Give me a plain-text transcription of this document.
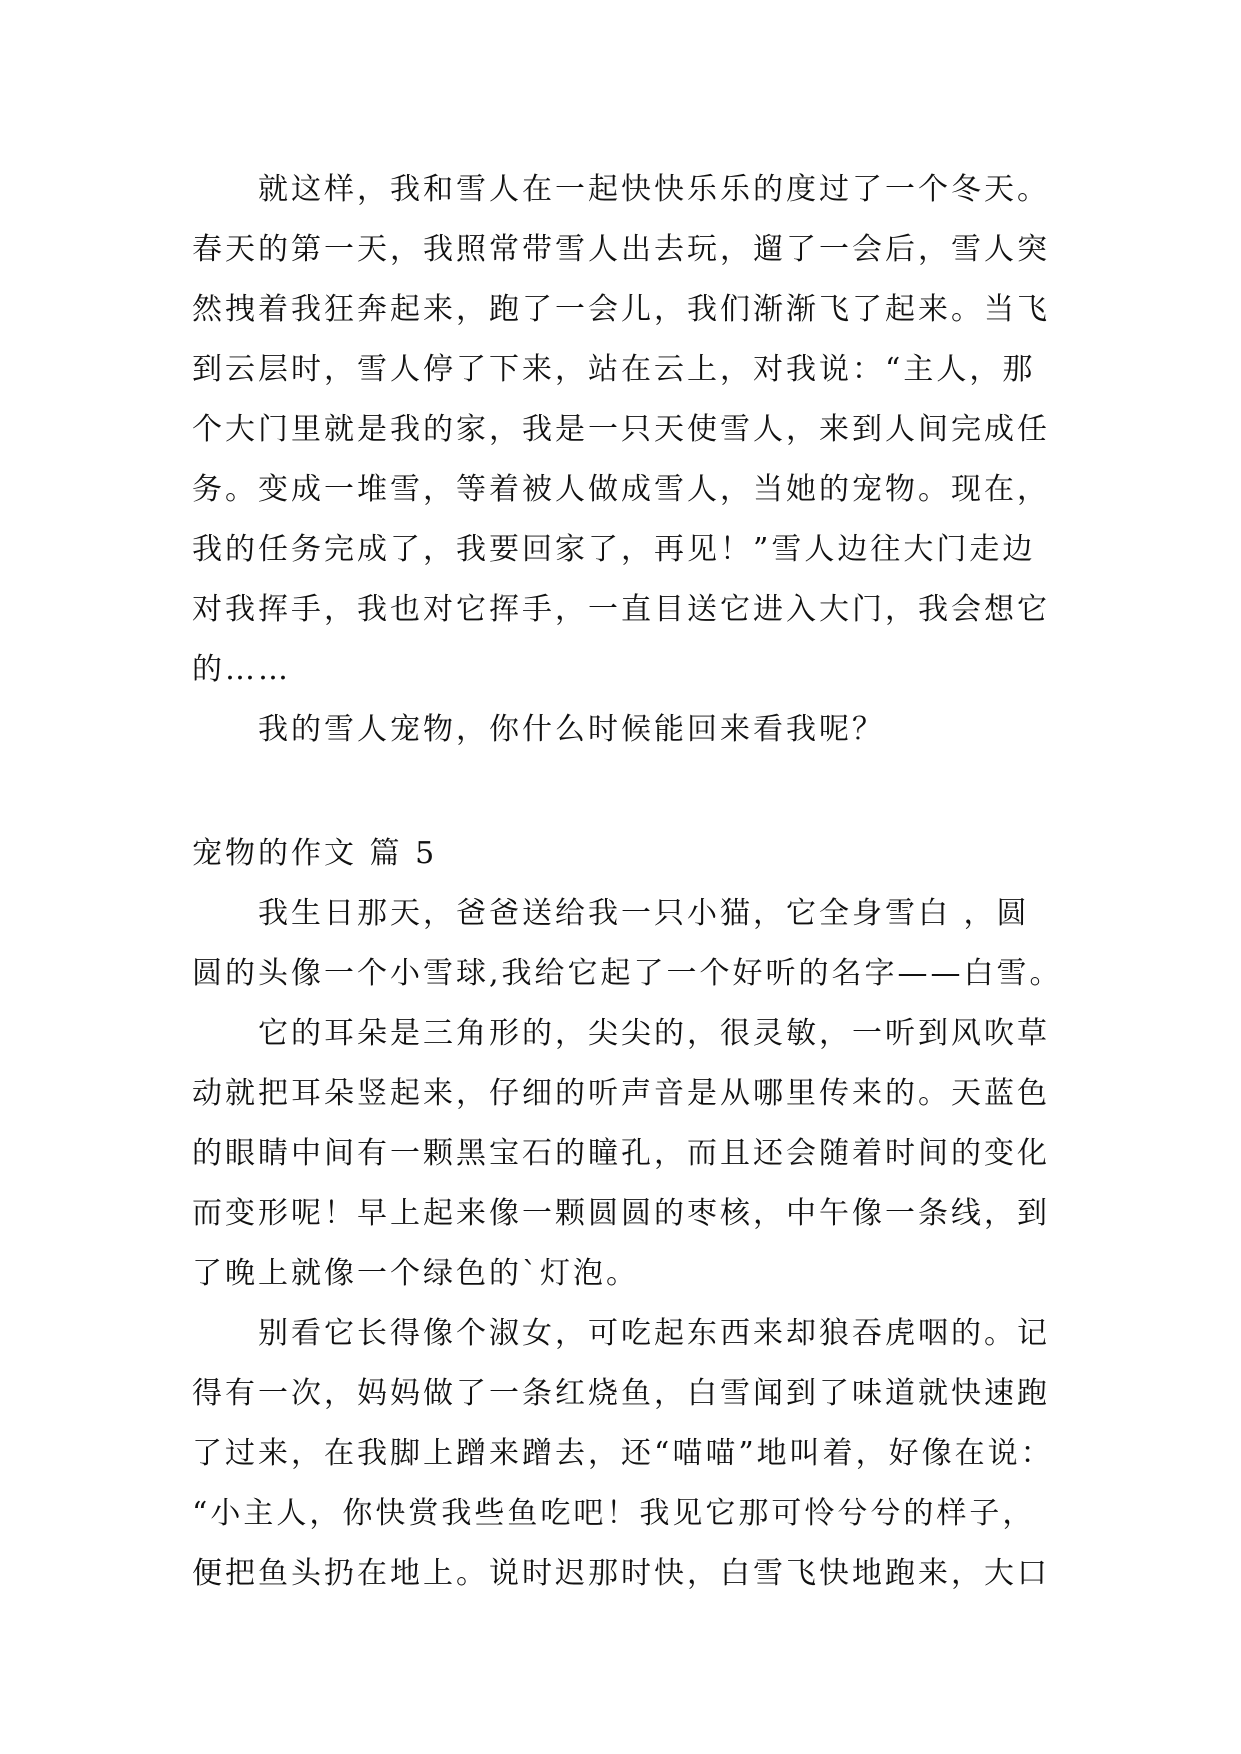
就这样，我和雪人在一起快快乐乐的度过了一个冬天。
春天的第一天，我照常带雪人出去玩，遛了一会后，雪人突
然拽着我狂奔起来，跑了一会儿，我们渐渐飞了起来。当飞
到云层时，雪人停了下来，站在云上，对我说：“主人，那
个大门里就是我的家，我是一只天使雪人，来到人间完成任
务。变成一堆雪，等着被人做成雪人，当她的宠物。现在，
我的任务完成了，我要回家了，再见！”雪人边往大门走边
对我挥手，我也对它挥手，一直目送它进入大门，我会想它
的……
我的雪人宠物，你什么时候能回来看我呢？
宠物的作文 篇 5
我生日那天，爸爸送给我一只小猫，它全身雪白 ，圆
圆的头像一个小雪球,我给它起了一个好听的名字——白雪。
它的耳朵是三角形的，尖尖的，很灵敏，一听到风吹草
动就把耳朵竖起来，仔细的听声音是从哪里传来的。天蓝色
的眼睛中间有一颗黑宝石的瞳孔，而且还会随着时间的变化
而变形呢！早上起来像一颗圆圆的枣核，中午像一条线，到
了晚上就像一个绿色的`灯泡。
别看它长得像个淑女，可吃起东西来却狼吞虎咽的。记
得有一次，妈妈做了一条红烧鱼，白雪闻到了味道就快速跑
了过来，在我脚上蹭来蹭去，还“喵喵”地叫着，好像在说：
“小主人，你快赏我些鱼吃吧！我见它那可怜兮兮的样子，
便把鱼头扔在地上。说时迟那时快，白雪飞快地跑来，大口
